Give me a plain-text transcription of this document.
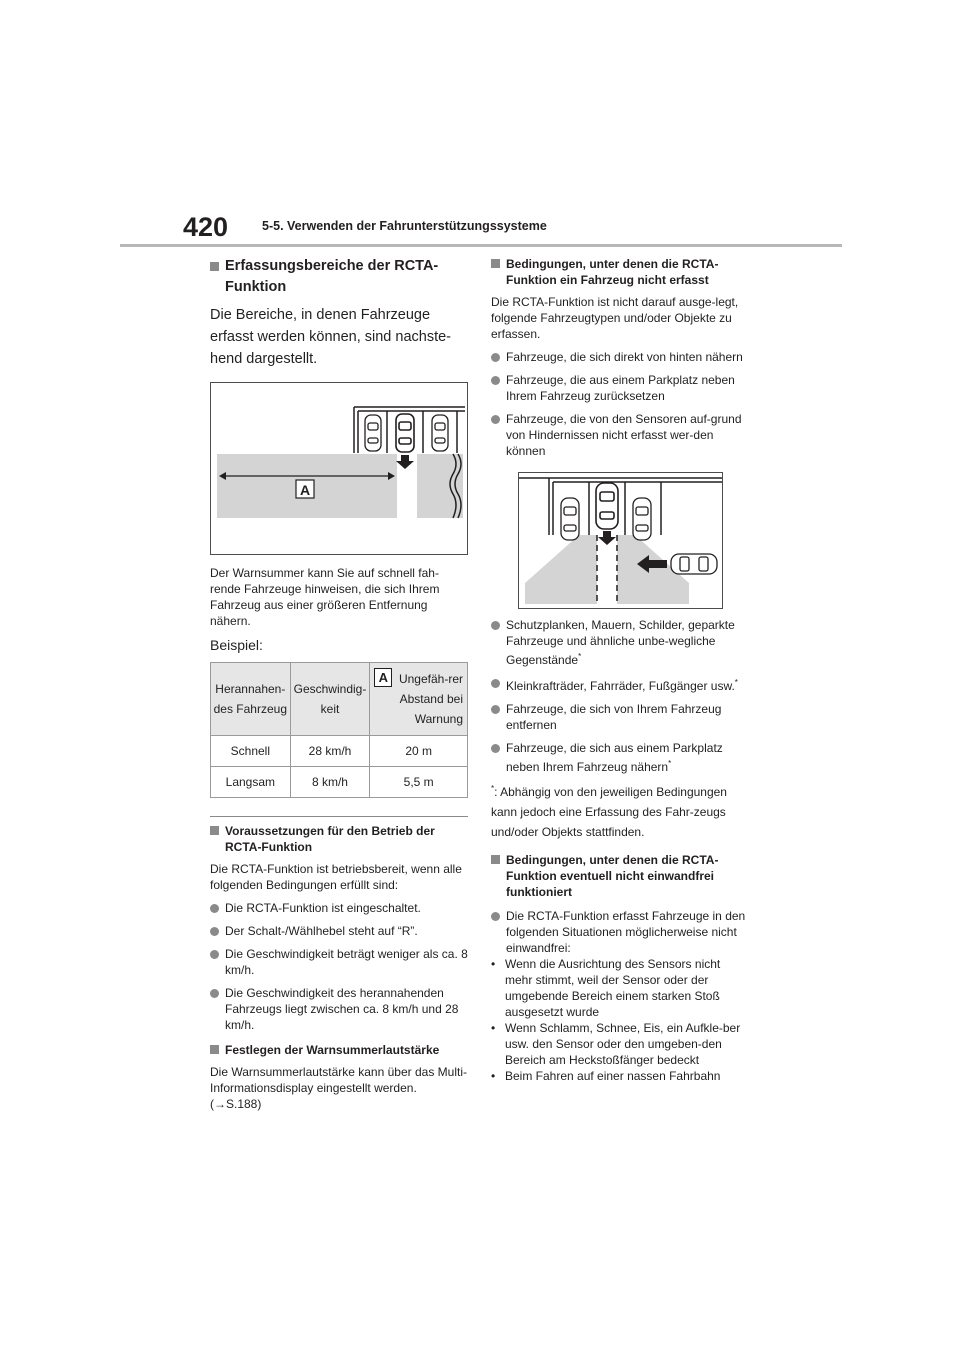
420	5-5. Verwenden der Fahrunterstützungssysteme
Erfassungsbereiche der RCTA-Funktion
Die Bereiche, in denen Fahrzeuge erfasst werden können, sind nachste-hend dargestellt.
A
Der Warnsummer kann Sie auf schnell fah-rende Fahrzeuge hinweisen, die sich Ihrem Fahrzeug aus einer größeren Entfernung nähern.
Beispiel:
Herannahen-des Fahrzeug	Geschwindig-keit	A Ungefäh-rer Abstand bei Warnung
Schnell	28 km/h	20 m
Langsam	8 km/h	5,5 m
Voraussetzungen für den Betrieb der RCTA-Funktion
Die RCTA-Funktion ist betriebsbereit, wenn alle folgenden Bedingungen erfüllt sind:
Die RCTA-Funktion ist eingeschaltet.
Der Schalt-/Wählhebel steht auf “R”.
Die Geschwindigkeit beträgt weniger als ca. 8 km/h.
Die Geschwindigkeit des herannahenden Fahrzeugs liegt zwischen ca. 8 km/h und 28 km/h.
Festlegen der Warnsummerlautstärke
Die Warnsummerlautstärke kann über das Multi-Informationsdisplay eingestellt werden. (→S.188)
Bedingungen, unter denen die RCTA-Funktion ein Fahrzeug nicht erfasst
Die RCTA-Funktion ist nicht darauf ausge-legt, folgende Fahrzeugtypen und/oder Objekte zu erfassen.
Fahrzeuge, die sich direkt von hinten nähern
Fahrzeuge, die aus einem Parkplatz neben Ihrem Fahrzeug zurücksetzen
Fahrzeuge, die von den Sensoren auf-grund von Hindernissen nicht erfasst wer-den können
Schutzplanken, Mauern, Schilder, geparkte Fahrzeuge und ähnliche unbe-wegliche Gegenstände*
Kleinkrafträder, Fahrräder, Fußgänger usw.*
Fahrzeuge, die sich von Ihrem Fahrzeug entfernen
Fahrzeuge, die sich aus einem Parkplatz neben Ihrem Fahrzeug nähern*
*: Abhängig von den jeweiligen Bedingungen kann jedoch eine Erfassung des Fahr-zeugs und/oder Objekts stattfinden.
Bedingungen, unter denen die RCTA-Funktion eventuell nicht einwandfrei funktioniert
Die RCTA-Funktion erfasst Fahrzeuge in den folgenden Situationen möglicherweise nicht einwandfrei:
• Wenn die Ausrichtung des Sensors nicht mehr stimmt, weil der Sensor oder der umgebende Bereich einem starken Stoß ausgesetzt wurde
• Wenn Schlamm, Schnee, Eis, ein Aufkle-ber usw. den Sensor oder den umgeben-den Bereich am Heckstoßfänger bedeckt
• Beim Fahren auf einer nassen Fahrbahn
